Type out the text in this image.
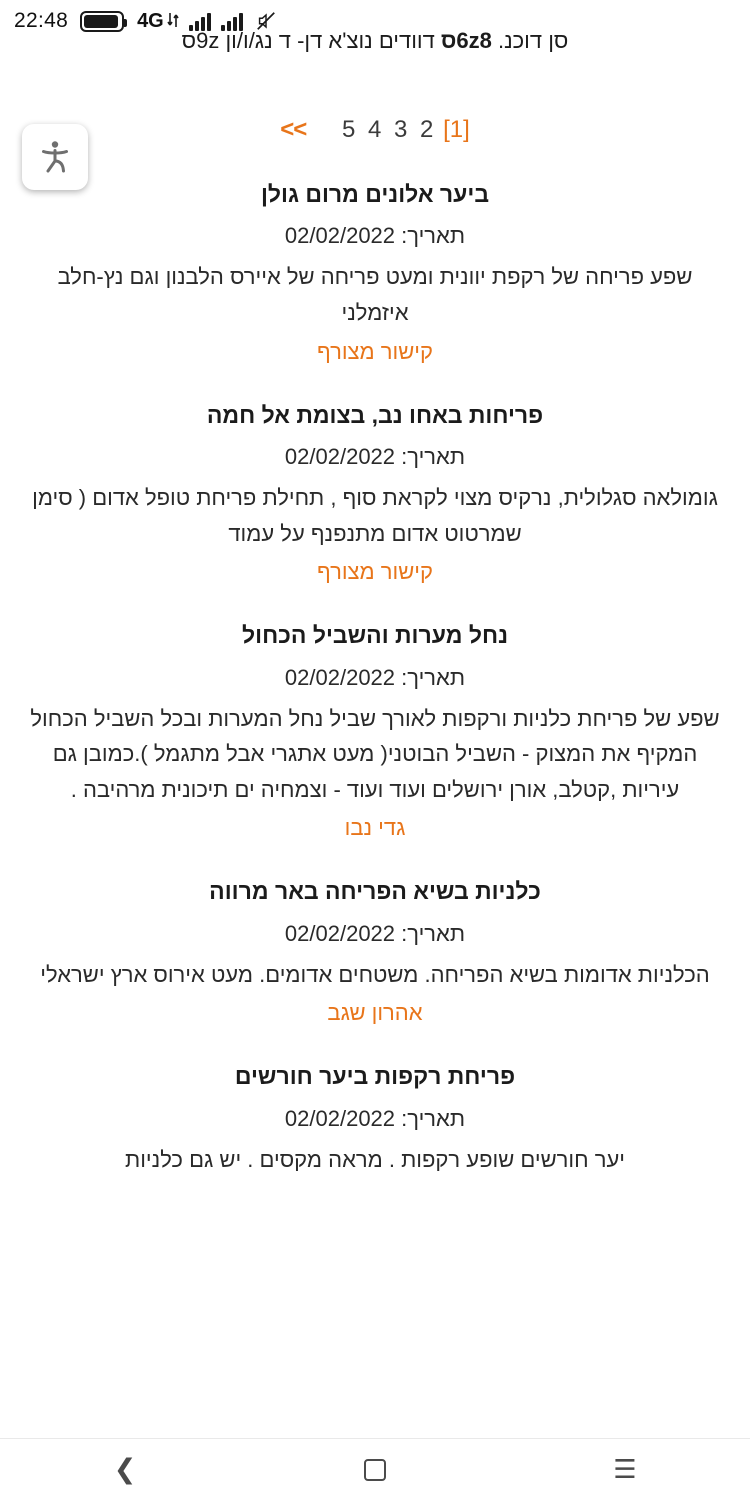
22:48	4G
סן דוכנ. 6z8ס דוודים נוצ'א דן- ד נג/ו/ון 9zס
<< 5 4 3 2 [1]
ביער אלונים מרום גולן
תאריך: 02/02/2022
שפע פריחה של רקפת יוונית ומעט פריחה של איירס הלבנון וגם נץ-חלב איזמלני
קישור מצורף
פריחות באחו נב, בצומת אל חמה
תאריך: 02/02/2022
גומולאה סגלולית, נרקיס מצוי לקראת סוף , תחילת פריחת טופל אדום ( סימן שמרטוט אדום מתנפנף על עמוד
קישור מצורף
נחל מערות והשביל הכחול
תאריך: 02/02/2022
שפע של פריחת כלניות ורקפות לאורך שביל נחל המערות ובכל השביל הכחול המקיף את המצוק - השביל הבוטני( מעט אתגרי אבל מתגמל ).כמובן גם עיריות ,קטלב, אורן ירושלים ועוד ועוד - וצמחיה ים תיכונית מרהיבה .
גדי נבו
כלניות בשיא הפריחה באר מרווה
תאריך: 02/02/2022
הכלניות אדומות בשיא הפריחה. משטחים אדומים. מעט אירוס ארץ ישראלי
אהרון שגב
פריחת רקפות ביער חורשים
תאריך: 02/02/2022
יער חורשים שופע רקפות . מראה מקסים . יש גם כלניות
❮	☰
